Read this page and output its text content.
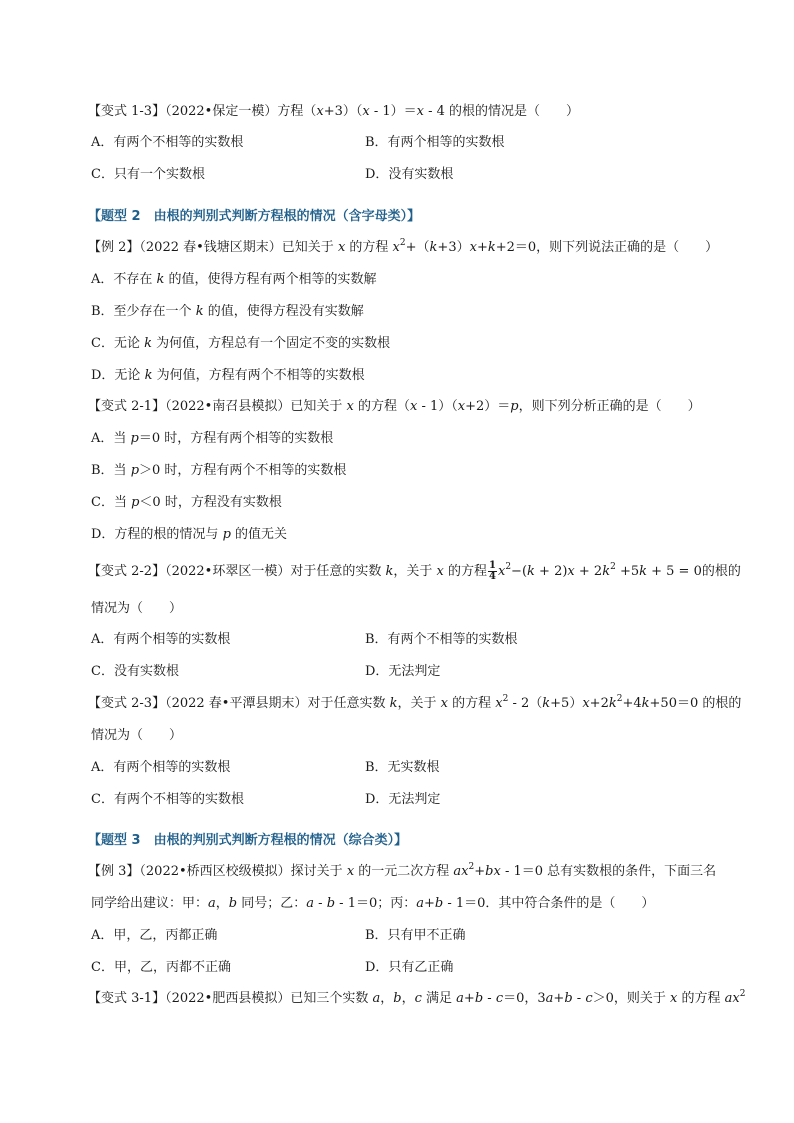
【变式 1-3】（2022•保定一模）方程（x+3）（x - 1）＝x - 4 的根的情况是（　　）
A．有两个不相等的实数根	B．有两个相等的实数根
C．只有一个实数根	D．没有实数根
【题型 2　由根的判别式判断方程根的情况（含字母类）】
【例 2】（2022 春•钱塘区期末）已知关于 x 的方程 $x^2+(k+3)x+k+2=0$，则下列说法正确的是（　　）
A．不存在 k 的值，使得方程有两个相等的实数解
B．至少存在一个 k 的值，使得方程没有实数解
C．无论 k 为何值，方程总有一个固定不变的实数根
D．无论 k 为何值，方程有两个不相等的实数根
【变式 2-1】（2022•南召县模拟）已知关于 x 的方程（x - 1）（x+2）＝p，则下列分析正确的是（　　）
A．当 p＝0 时，方程有两个相等的实数根
B．当 p＞0 时，方程有两个不相等的实数根
C．当 p＜0 时，方程没有实数根
D．方程的根的情况与 p 的值无关
【变式 2-2】（2022•环翠区一模）对于任意的实数 k，关于 x 的方程 $\frac{1}{4} x^2-(k + 2)x + 2k^2 +5k + 5 = 0$的根的
情况为（　　）
A．有两个相等的实数根	B．有两个不相等的实数根
C．没有实数根	D．无法判定
【变式 2-3】（2022 春•平潭县期末）对于任意实数 k，关于 x 的方程 $x^2 - 2(k+5)x+2k^2+4k+50=0$ 的根的
情况为（　　）
A．有两个相等的实数根	B．无实数根
C．有两个不相等的实数根	D．无法判定
【题型 3　由根的判别式判断方程根的情况（综合类）】
【例 3】（2022•桥西区校级模拟）探讨关于 x 的一元二次方程 $ax^2+bx - 1=0$ 总有实数根的条件，下面三名
同学给出建议：甲：a，b 同号；乙：a - b - 1＝0；丙：a+b - 1＝0．其中符合条件的是（　　）
A．甲，乙，丙都正确	B．只有甲不正确
C．甲，乙，丙都不正确	D．只有乙正确
【变式 3-1】（2022•肥西县模拟）已知三个实数 a，b，c 满足 a+b - c＝0，3a+b - c＞0，则关于 x 的方程 $ax^2$
